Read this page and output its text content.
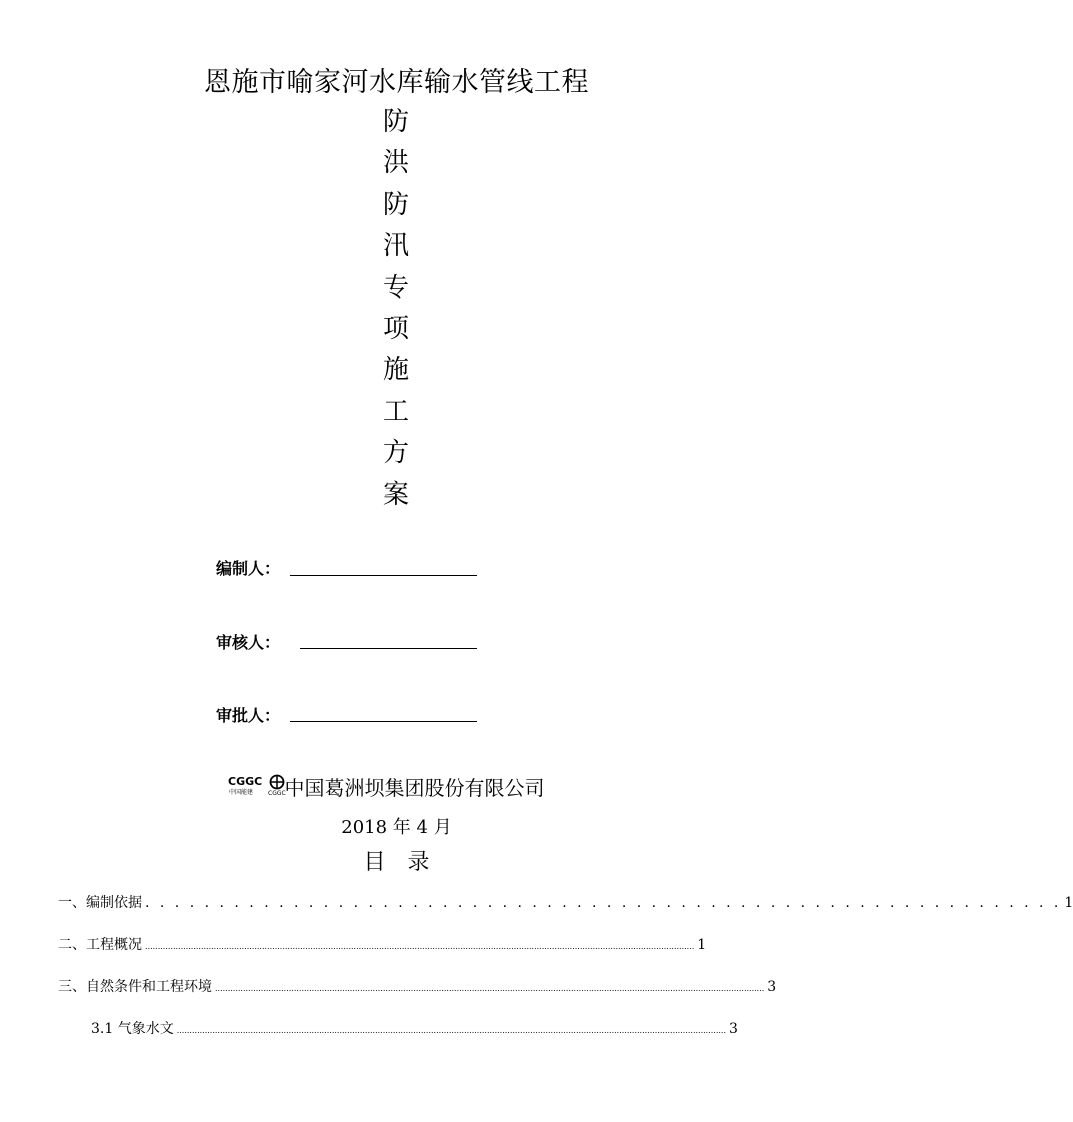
恩施市喻家河水库输水管线工程
防
洪
防
汛
专
项
施
工
方
案
编制人：
审核人：
审批人：
CGGC
中国能建 CGGC
中国葛洲坝集团股份有限公司
2018 年 4 月
目　录
一、编制依据 . . . . . . . . . . . . . . . . . . . . . . . . . . . . . . . . . . . . . . . . . . . . . . . . . . . . . . . . . . . . . . 1
二、工程概况 ........................................................................................................................................................................................................................ 1
三、自然条件和工程环境 ........................................................................................................................................................................................................................ 3
3.1 气象水文 ........................................................................................................................................................................................................................ 3
